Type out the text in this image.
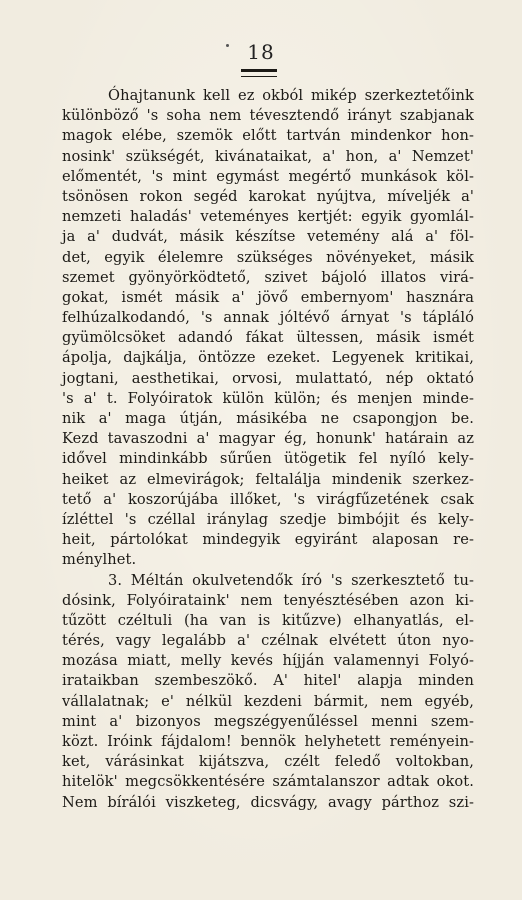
18
Óhajtanunk kell ez okból mikép szerkeztetőink
különböző 's soha nem tévesztendő irányt szabjanak
magok elébe, szemök előtt tartván mindenkor hon-
nosink' szükségét, kivánataikat, a' hon, a' Nemzet'
előmentét, 's mint egymást megértő munkások köl-
tsönösen rokon segéd karokat nyújtva, míveljék a'
nemzeti haladás' veteményes kertjét: egyik gyomlál-
ja a' dudvát, másik készítse vetemény alá a' föl-
det, egyik élelemre szükséges növényeket, másik
szemet gyönyörködtető, szivet bájoló illatos virá-
gokat, ismét másik a' jövő embernyom' hasznára
felhúzalkodandó, 's annak jóltévő árnyat 's tápláló
gyümölcsöket adandó fákat ültessen, másik ismét
ápolja, dajkálja, öntözze ezeket. Legyenek kritikai,
jogtani, aesthetikai, orvosi, mulattató, nép oktató
's a' t. Folyóiratok külön külön; és menjen minde-
nik a' maga útján, másikéba ne csapongjon be.
Kezd tavaszodni a' magyar ég, honunk' határain az
idővel mindinkább sűrűen ütögetik fel nyíló kely-
heiket az elmevirágok; feltalálja mindenik szerkez-
tető a' koszorújába illőket, 's virágfűzetének csak
ízléttel 's czéllal iránylag szedje bimbójit és kely-
heit, pártolókat mindegyik egyiránt alaposan re-
ménylhet.
3. Méltán okulvetendők író 's szerkesztető tu-
dósink, Folyóirataink' nem tenyésztésében azon ki-
tűzött czéltuli (ha van is kitűzve) elhanyatlás, el-
térés, vagy legalább a' czélnak elvétett úton nyo-
mozása miatt, melly kevés híjján valamennyi Folyó-
irataikban szembeszökő. A' hitel' alapja minden
vállalatnak; e' nélkül kezdeni bármit, nem egyéb,
mint a' bizonyos megszégyenűléssel menni szem-
közt. Iróink fájdalom! bennök helyhetett reményein-
ket, várásinkat kijátszva, czélt feledő voltokban,
hitelök' megcsökkentésére számtalanszor adtak okot.
Nem bírálói viszketeg, dicsvágy, avagy párthoz szi-
